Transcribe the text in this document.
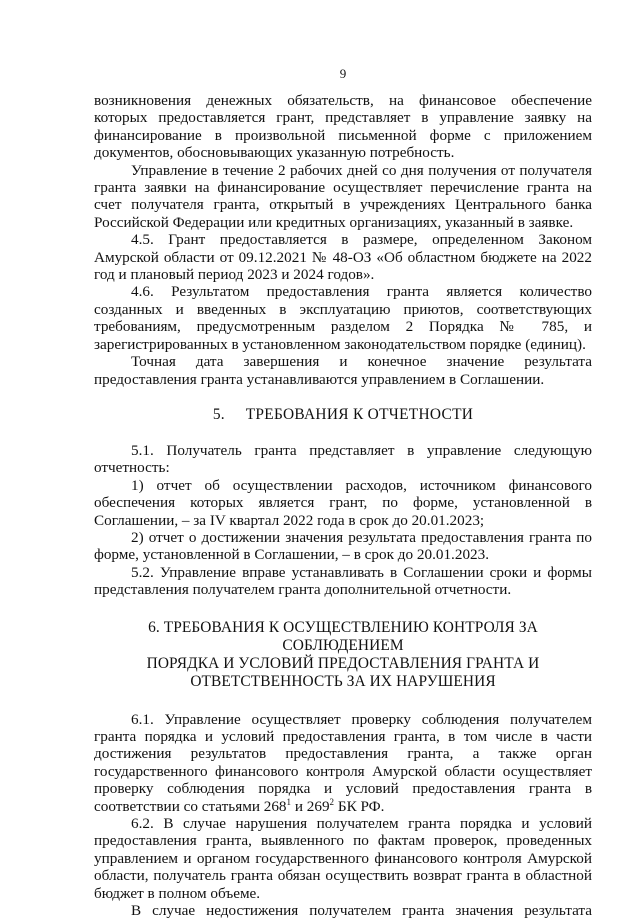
9

возникновения денежных обязательств, на финансовое обеспечение которых предоставляется грант, представляет в управление заявку на финансирование в произвольной письменной форме с приложением документов, обосновывающих указанную потребность.

Управление в течение 2 рабочих дней со дня получения от получателя гранта заявки на финансирование осуществляет перечисление гранта на счет получателя гранта, открытый в учреждениях Центрального банка Российской Федерации или кредитных организациях, указанный в заявке.

4.5. Грант предоставляется в размере, определенном Законом Амурской области от 09.12.2021 № 48-ОЗ «Об областном бюджете на 2022 год и плановый период 2023 и 2024 годов».

4.6. Результатом предоставления гранта является количество созданных и введенных в эксплуатацию приютов, соответствующих требованиям, предусмотренным разделом 2 Порядка № 785, и зарегистрированных в установленном законодательством порядке (единиц).

Точная дата завершения и конечное значение результата предоставления гранта устанавливаются управлением в Соглашении.

5.     ТРЕБОВАНИЯ К ОТЧЕТНОСТИ

5.1. Получатель гранта представляет в управление следующую отчетность:

1) отчет об осуществлении расходов, источником финансового обеспечения которых является грант, по форме, установленной в Соглашении, – за IV квартал 2022 года в срок до 20.01.2023;

2) отчет о достижении значения результата предоставления гранта по форме, установленной в Соглашении, – в срок до 20.01.2023.

5.2. Управление вправе устанавливать в Соглашении сроки и формы представления получателем гранта дополнительной отчетности.

6. ТРЕБОВАНИЯ К ОСУЩЕСТВЛЕНИЮ КОНТРОЛЯ ЗА СОБЛЮДЕНИЕМ
ПОРЯДКА И УСЛОВИЙ ПРЕДОСТАВЛЕНИЯ ГРАНТА И
ОТВЕТСТВЕННОСТЬ ЗА ИХ НАРУШЕНИЯ

6.1. Управление осуществляет проверку соблюдения получателем гранта порядка и условий предоставления гранта, в том числе в части достижения результатов предоставления гранта, а также орган государственного финансового контроля Амурской области осуществляет проверку соблюдения порядка и условий предоставления гранта в соответствии со статьями $268^1$ и $269^2$ БК РФ.

6.2. В случае нарушения получателем гранта порядка и условий предоставления гранта, выявленного по фактам проверок, проведенных управлением и органом государственного финансового контроля Амурской области, получатель гранта обязан осуществить возврат гранта в областной бюджет в полном объеме.

В случае недостижения получателем гранта значения результата
